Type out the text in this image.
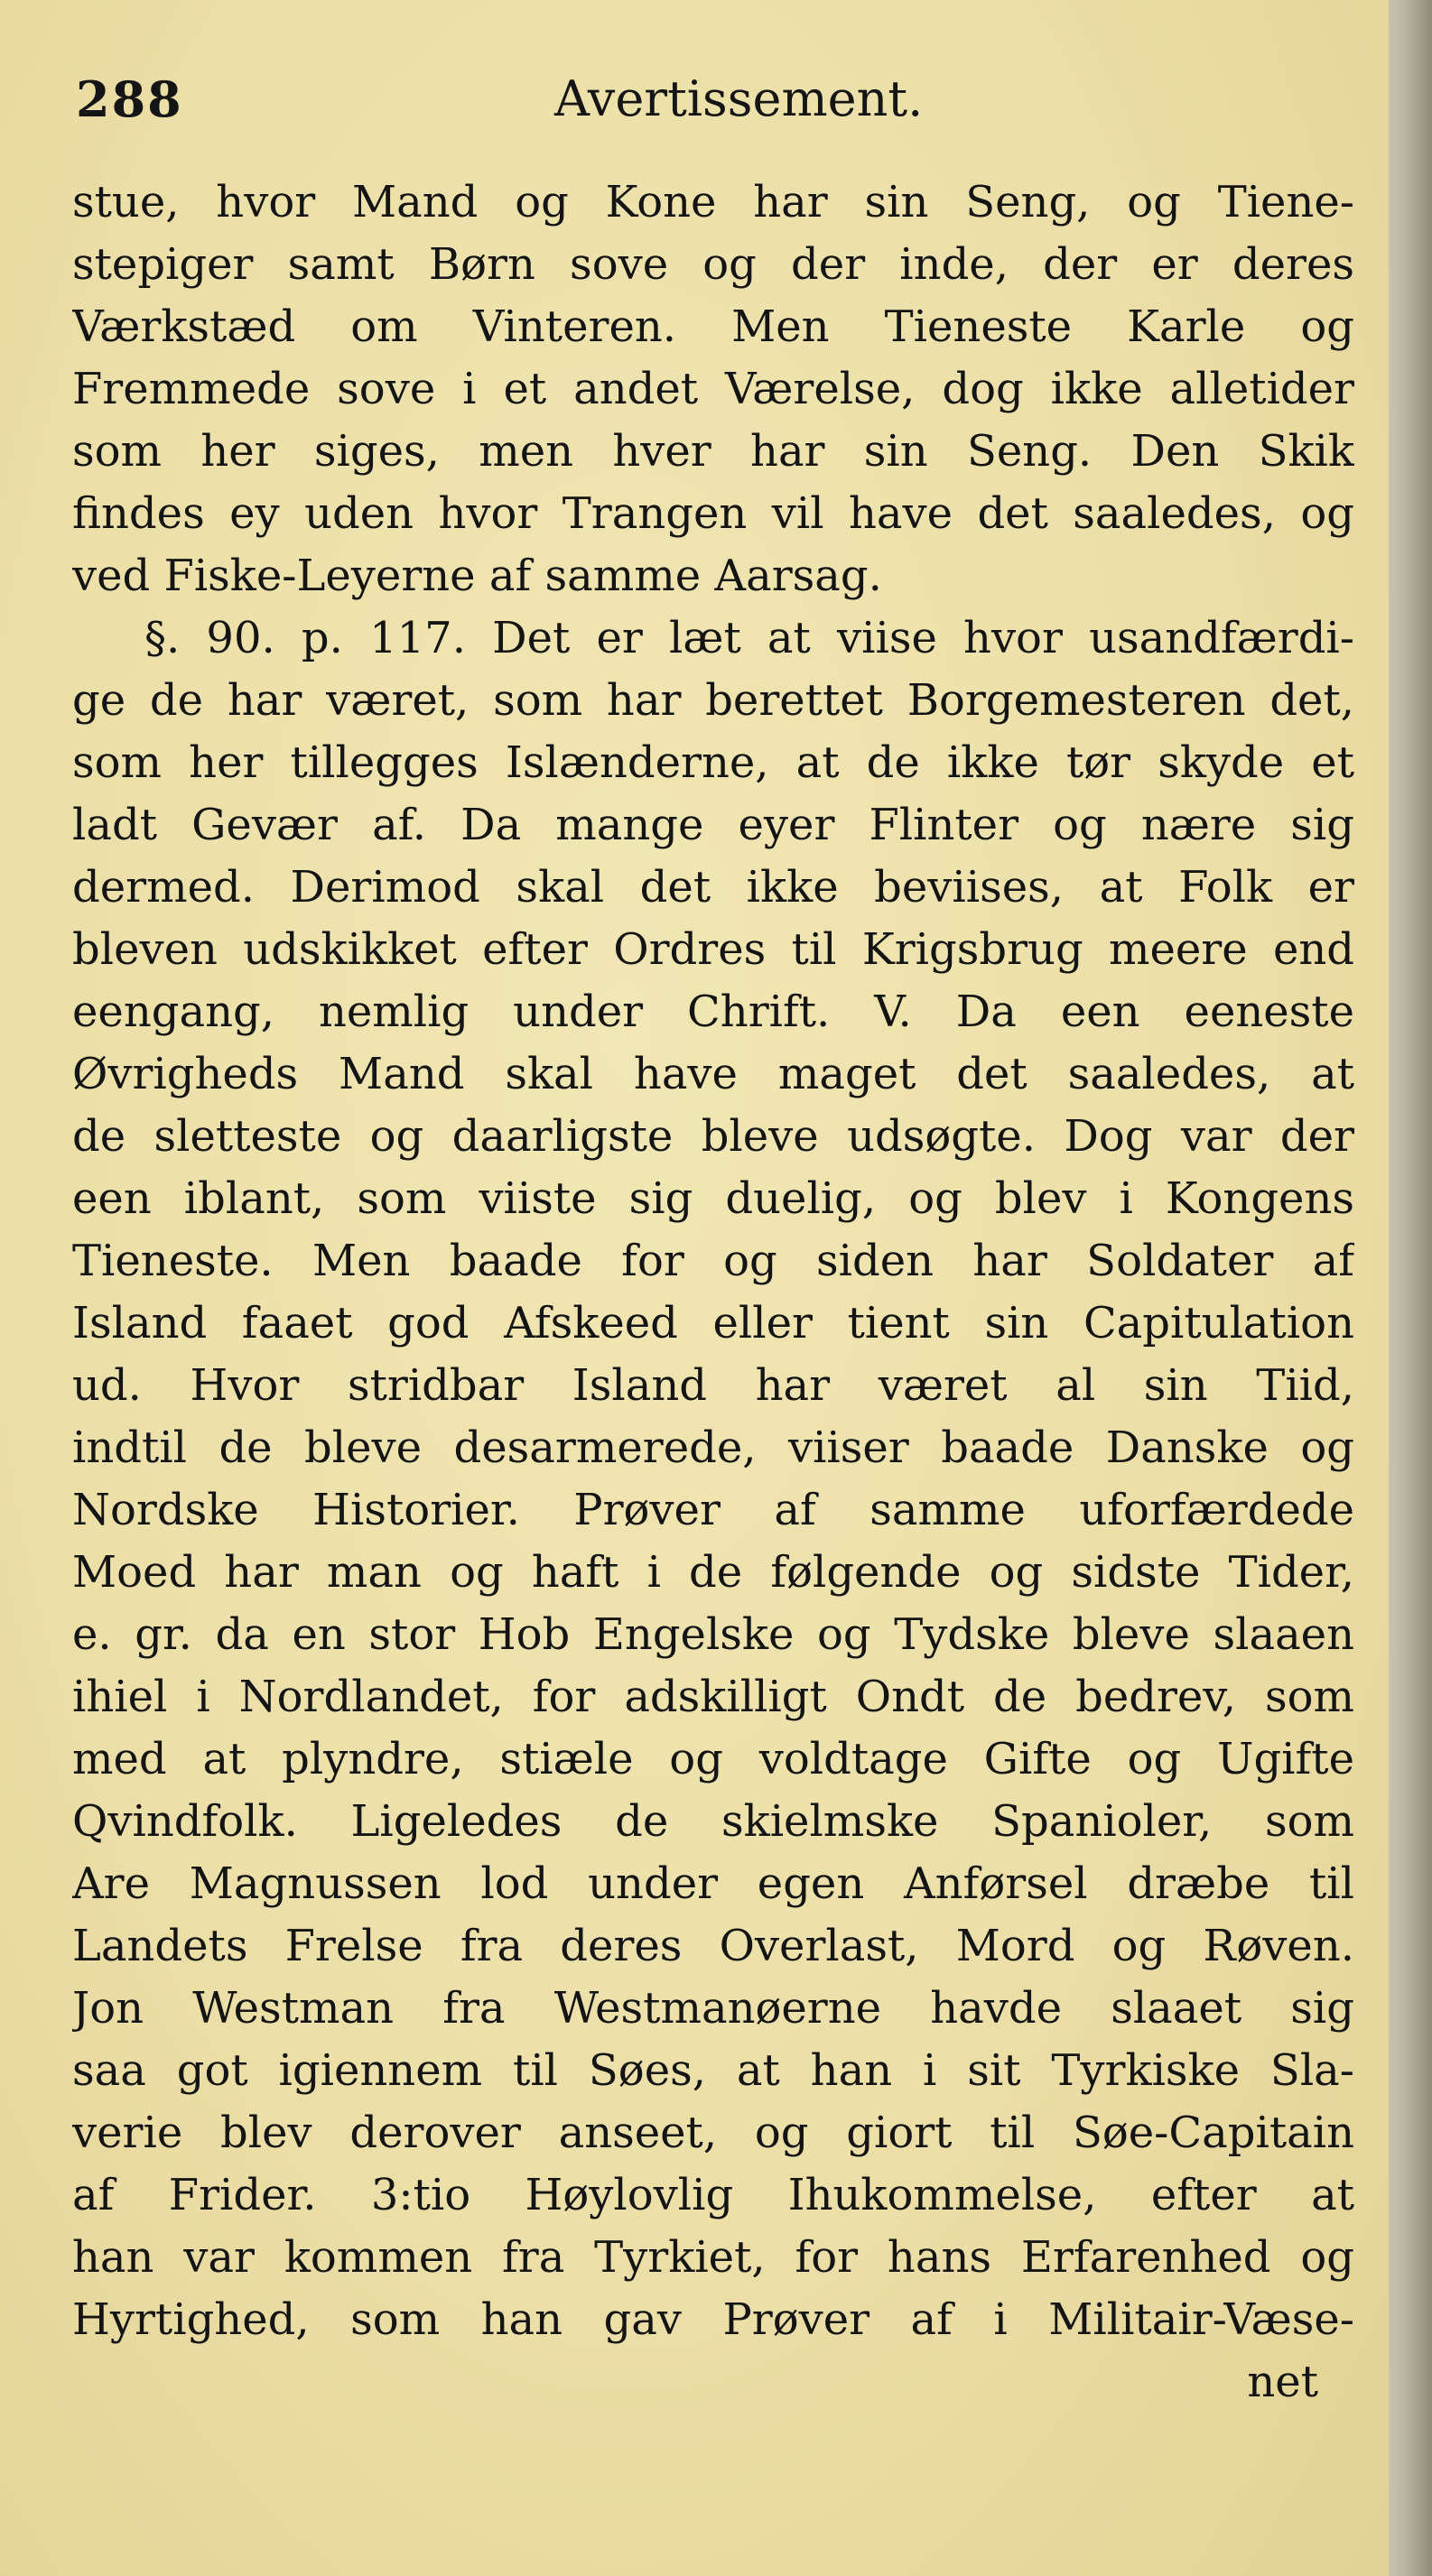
288	Avertissement.
stue, hvor Mand og Kone har sin Seng, og Tiene-
stepiger samt Børn sove og der inde, der er deres
Værkstæd om Vinteren. Men Tieneste Karle og
Fremmede sove i et andet Værelse, dog ikke alletider
som her siges, men hver har sin Seng. Den Skik
findes ey uden hvor Trangen vil have det saaledes, og
ved Fiske-Leyerne af samme Aarsag.
§. 90. p. 117. Det er læt at viise hvor usandfærdi-
ge de har været, som har berettet Borgemesteren det,
som her tillegges Islænderne, at de ikke tør skyde et
ladt Gevær af. Da mange eyer Flinter og nære sig
dermed. Derimod skal det ikke beviises, at Folk er
bleven udskikket efter Ordres til Krigsbrug meere end
eengang, nemlig under Chrift. V. Da een eeneste
Øvrigheds Mand skal have maget det saaledes, at
de sletteste og daarligste bleve udsøgte. Dog var der
een iblant, som viiste sig duelig, og blev i Kongens
Tieneste. Men baade for og siden har Soldater af
Island faaet god Afskeed eller tient sin Capitulation
ud. Hvor stridbar Island har været al sin Tiid,
indtil de bleve desarmerede, viiser baade Danske og
Nordske Historier. Prøver af samme uforfærdede
Moed har man og haft i de følgende og sidste Tider,
e. gr. da en stor Hob Engelske og Tydske bleve slaaen
ihiel i Nordlandet, for adskilligt Ondt de bedrev, som
med at plyndre, stiæle og voldtage Gifte og Ugifte
Qvindfolk. Ligeledes de skielmske Spanioler, som
Are Magnussen lod under egen Anførsel dræbe til
Landets Frelse fra deres Overlast, Mord og Røven.
Jon Westman fra Westmanøerne havde slaaet sig
saa got igiennem til Søes, at han i sit Tyrkiske Sla-
verie blev derover anseet, og giort til Søe-Capitain
af Frider. 3:tio Høylovlig Ihukommelse, efter at
han var kommen fra Tyrkiet, for hans Erfarenhed og
Hyrtighed, som han gav Prøver af i Militair-Væse-
net
